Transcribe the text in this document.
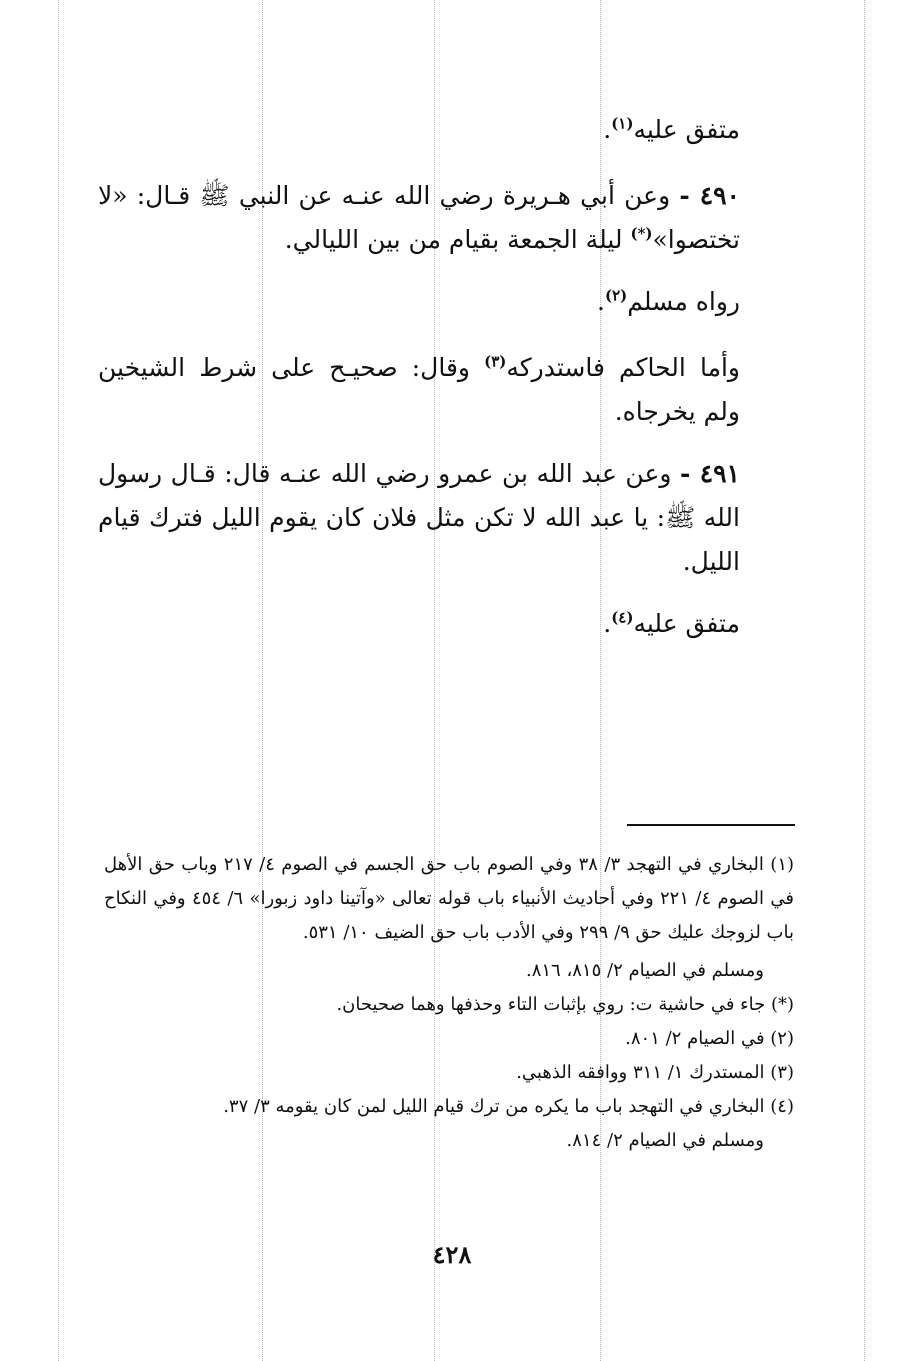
متفق عليه$^{(١)}$.

٤٩٠ - وعن أبي هـريرة رضي الله عنـه عن النبي ﷺ قـال: «لا تختصوا»(*) ليلة الجمعة بقيام من بين الليالي.

رواه مسلم$^{(٢)}$.

وأما الحاكم فاستدركه$^{(٣)}$ وقال: صحيـح على شرط الشيخين ولم يخرجاه.

٤٩١ - وعن عبد الله بن عمرو رضي الله عنـه قال: قـال رسول الله ﷺ: يا عبد الله لا تكن مثل فلان كان يقوم الليل فترك قيام الليل.

متفق عليه$^{(٤)}$.

(١) البخاري في التهجد ٣/ ٣٨ وفي الصوم باب حق الجسم في الصوم ٤/ ٢١٧ وباب حق الأهل في الصوم ٤/ ٢٢١ وفي أحاديث الأنبياء باب قوله تعالى «وآتينا داود زبورا» ٦/ ٤٥٤ وفي النكاح باب لزوجك عليك حق ٩/ ٢٩٩ وفي الأدب باب حق الضيف ١٠/ ٥٣١.

ومسلم في الصيام ٢/ ٨١٥، ٨١٦.

(*) جاء في حاشية ت: روي بإثبات التاء وحذفها وهما صحيحان.

(٢) في الصيام ٢/ ٨٠١.

(٣) المستدرك ١/ ٣١١ ووافقه الذهبي.

(٤) البخاري في التهجد باب ما يكره من ترك قيام الليل لمن كان يقومه ٣/ ٣٧.

ومسلم في الصيام ٢/ ٨١٤.

٤٢٨
